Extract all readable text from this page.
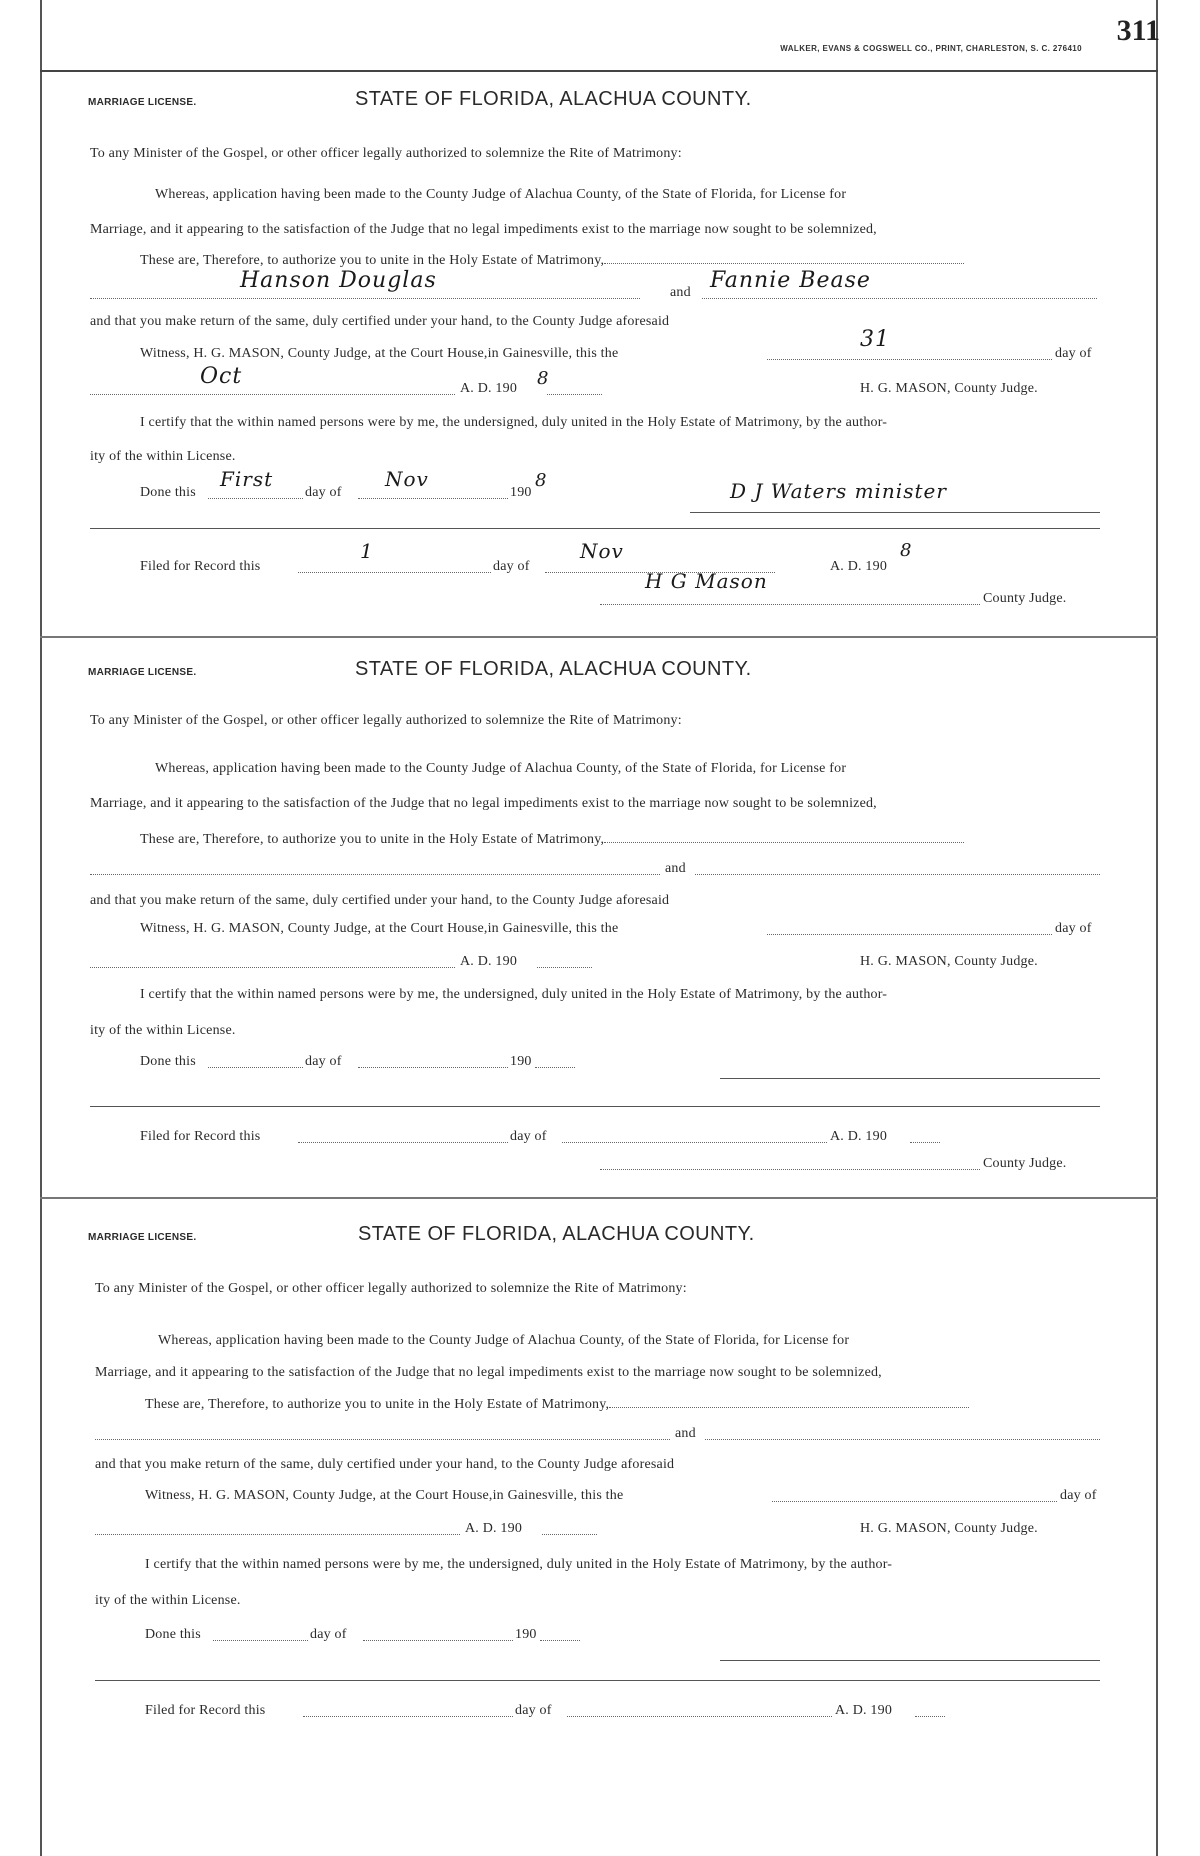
311
WALKER, EVANS & COGSWELL CO., PRINT, CHARLESTON, S. C. 276410
MARRIAGE LICENSE.	STATE OF FLORIDA, ALACHUA COUNTY.
To any Minister of the Gospel, or other officer legally authorized to solemnize the Rite of Matrimony:
Whereas, application having been made to the County Judge of Alachua County, of the State of Florida, for License for
Marriage, and it appearing to the satisfaction of the Judge that no legal impediments exist to the marriage now sought to be solemnized,
These are, Therefore, to authorize you to unite in the Holy Estate of Matrimony,
Hanson Douglas	and Fannie Bease
and that you make return of the same, duly certified under your hand, to the County Judge aforesaid
Witness, H. G. MASON, County Judge, at the Court House,in Gainesville, this the
31
day of
Oct	A. D. 190 8	H. G. MASON, County Judge.
I certify that the within named persons were by me, the undersigned, duly united in the Holy Estate of Matrimony, by the author-
ity of the within License.
Done this
First
day of
Nov
190
8	D J Waters minister
Filed for Record this
1
day of
Nov
A. D. 190
8
H G Mason
County Judge.
MARRIAGE LICENSE.	STATE OF FLORIDA, ALACHUA COUNTY.
To any Minister of the Gospel, or other officer legally authorized to solemnize the Rite of Matrimony:
Whereas, application having been made to the County Judge of Alachua County, of the State of Florida, for License for
Marriage, and it appearing to the satisfaction of the Judge that no legal impediments exist to the marriage now sought to be solemnized,
These are, Therefore, to authorize you to unite in the Holy Estate of Matrimony,
and
and that you make return of the same, duly certified under your hand, to the County Judge aforesaid
Witness, H. G. MASON, County Judge, at the Court House,in Gainesville, this the	day of
A. D. 190	H. G. MASON, County Judge.
I certify that the within named persons were by me, the undersigned, duly united in the Holy Estate of Matrimony, by the author-
ity of the within License.
Done this	day of	190
Filed for Record this	day of	A. D. 190
County Judge.
MARRIAGE LICENSE.	STATE OF FLORIDA, ALACHUA COUNTY.
To any Minister of the Gospel, or other officer legally authorized to solemnize the Rite of Matrimony:
Whereas, application having been made to the County Judge of Alachua County, of the State of Florida, for License for
Marriage, and it appearing to the satisfaction of the Judge that no legal impediments exist to the marriage now sought to be solemnized,
These are, Therefore, to authorize you to unite in the Holy Estate of Matrimony,
and
and that you make return of the same, duly certified under your hand, to the County Judge aforesaid
Witness, H. G. MASON, County Judge, at the Court House,in Gainesville, this the	day of
A. D. 190	H. G. MASON, County Judge.
I certify that the within named persons were by me, the undersigned, duly united in the Holy Estate of Matrimony, by the author-
ity of the within License.
Done this	day of	190
Filed for Record this	day of	A. D. 190
